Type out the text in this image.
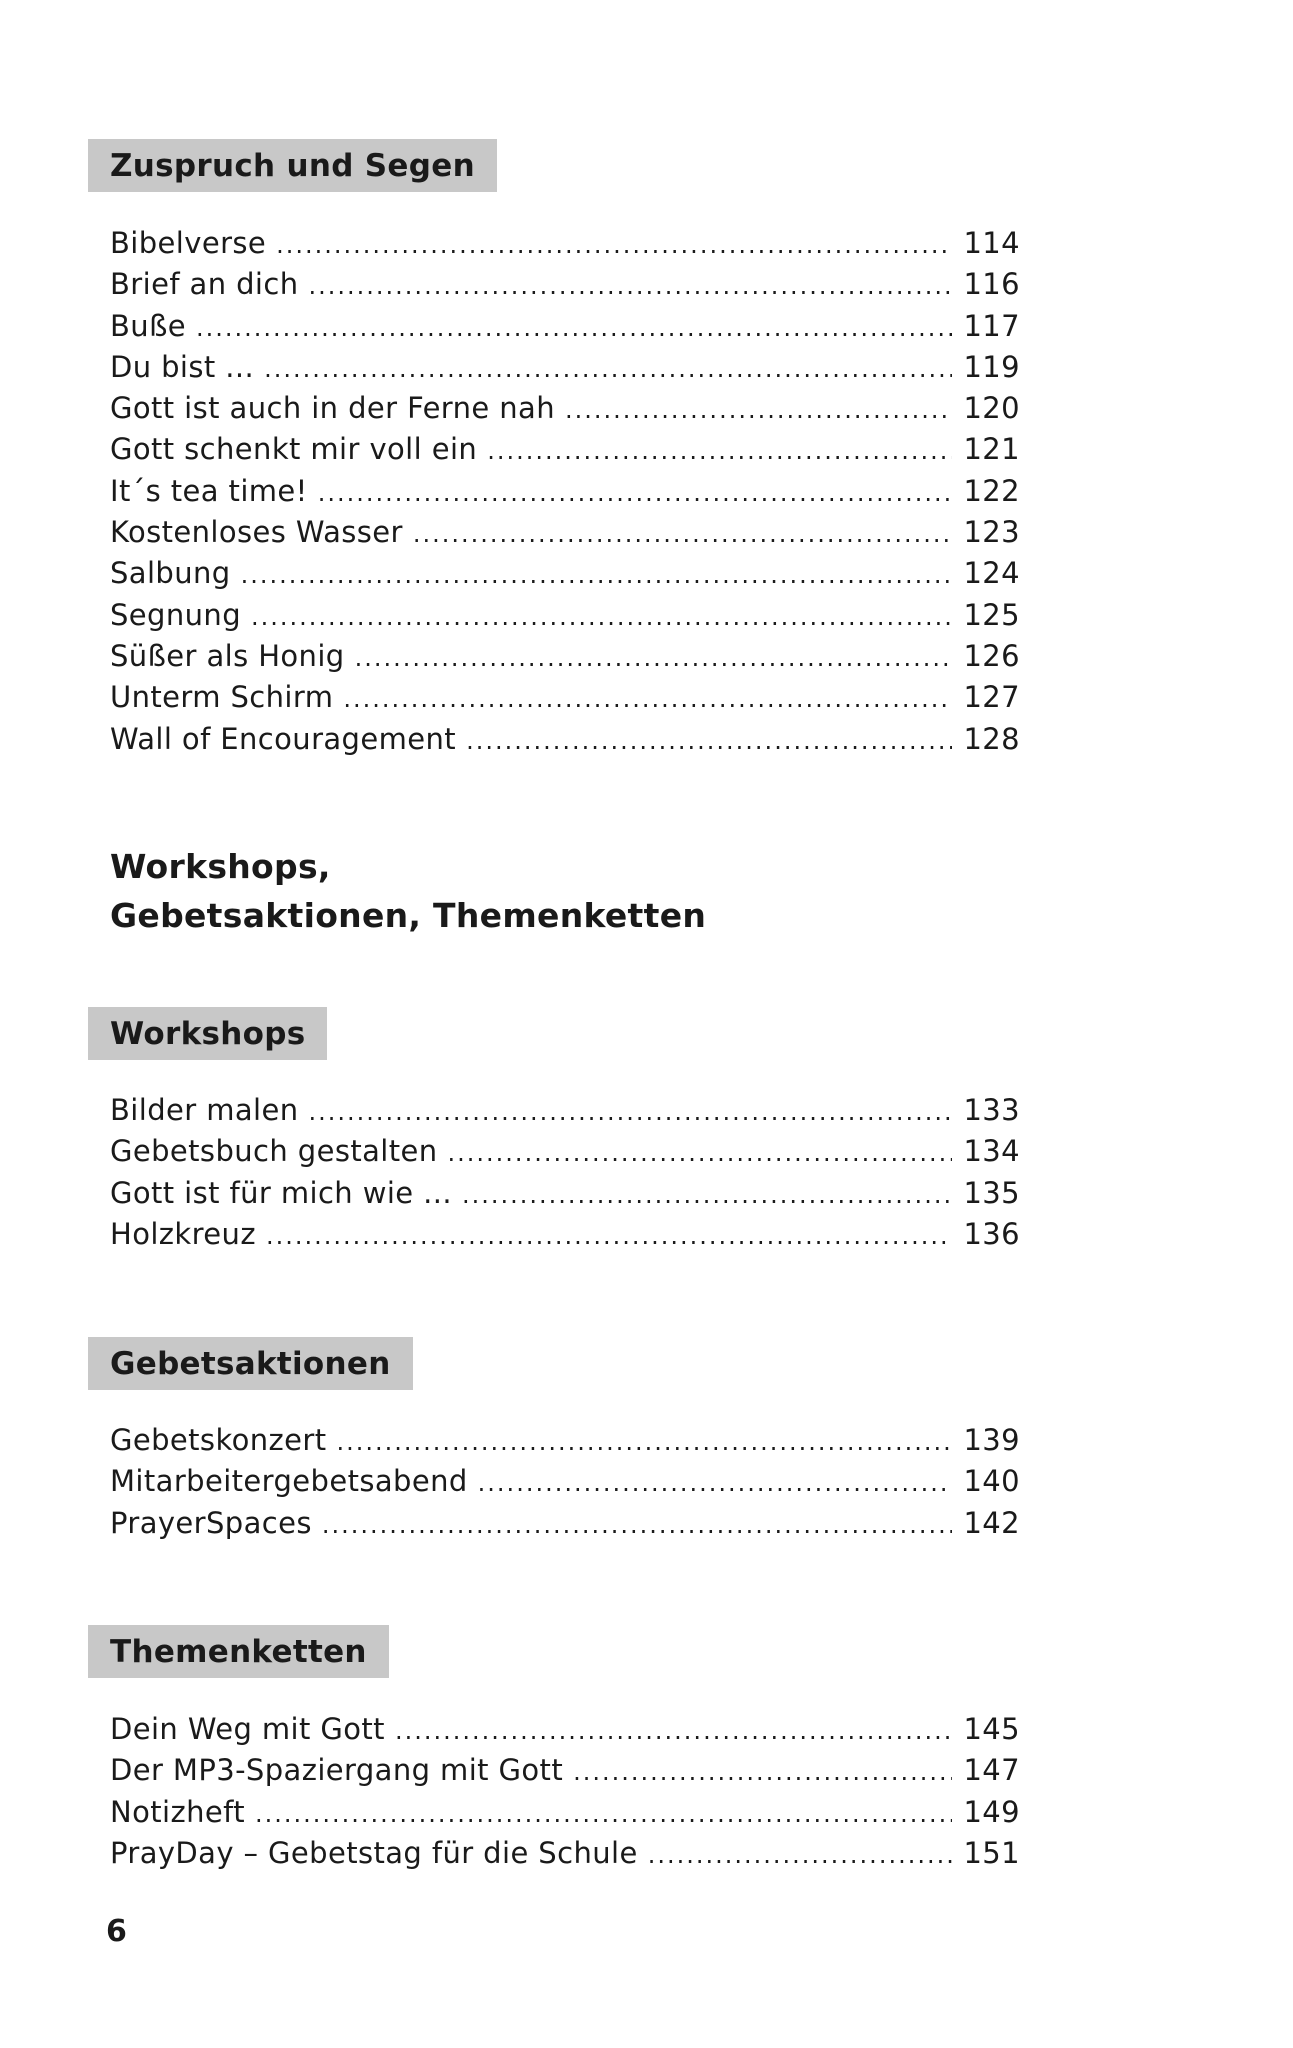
Zuspruch und Segen
Bibelverse .....	114
Brief an dich .....	116
Buße .....	117
Du bist ... .....	119
Gott ist auch in der Ferne nah .....	120
Gott schenkt mir voll ein .....	121
It´s tea time! .....	122
Kostenloses Wasser .....	123
Salbung .....	124
Segnung .....	125
Süßer als Honig .....	126
Unterm Schirm .....	127
Wall of Encouragement .....	128
Workshops,
Gebetsaktionen, Themenketten
Workshops
Bilder malen .....	133
Gebetsbuch gestalten .....	134
Gott ist für mich wie ... .....	135
Holzkreuz .....	136
Gebetsaktionen
Gebetskonzert .....	139
Mitarbeitergebetsabend .....	140
PrayerSpaces .....	142
Themenketten
Dein Weg mit Gott .....	145
Der MP3-Spaziergang mit Gott .....	147
Notizheft .....	149
PrayDay – Gebetstag für die Schule .....	151
6
